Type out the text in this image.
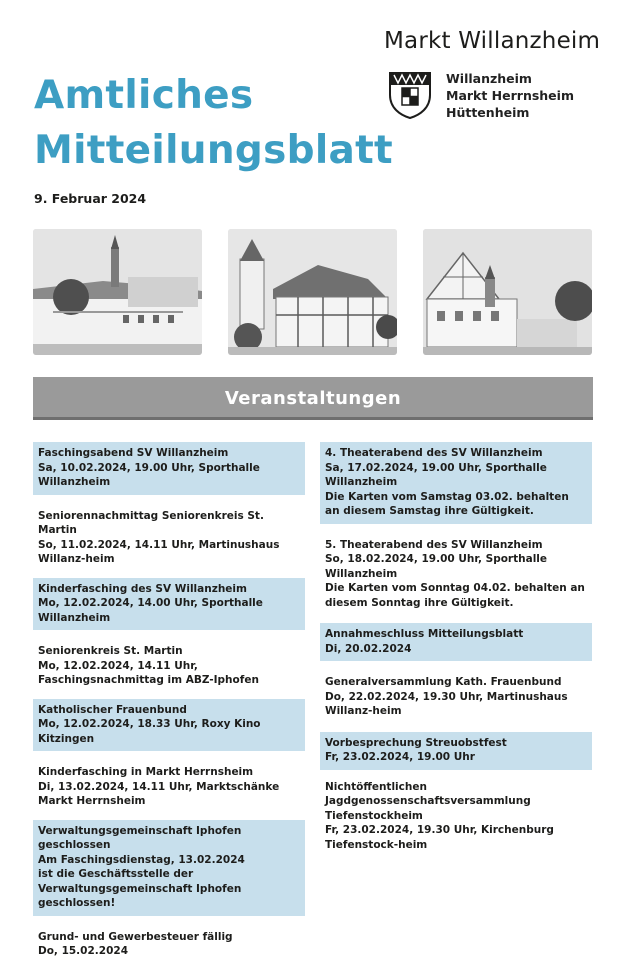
Markt Willanzheim
Willanzheim
Markt Herrnsheim
Hüttenheim
Amtliches
Mitteilungsblatt
9. Februar 2024
Veranstaltungen
Faschingsabend SV Willanzheim
Sa, 10.02.2024, 19.00 Uhr, Sporthalle Willanzheim
Seniorennachmittag Seniorenkreis St. Martin
So, 11.02.2024, 14.11 Uhr, Martinushaus Willanz-heim
Kinderfasching des SV Willanzheim
Mo, 12.02.2024, 14.00 Uhr, Sporthalle Willanzheim
Seniorenkreis St. Martin
Mo, 12.02.2024, 14.11 Uhr, Faschingsnachmittag im ABZ-Iphofen
Katholischer Frauenbund
Mo, 12.02.2024, 18.33 Uhr, Roxy Kino Kitzingen
Kinderfasching in Markt Herrnsheim
Di, 13.02.2024, 14.11 Uhr, Marktschänke Markt Herrnsheim
Verwaltungsgemeinschaft Iphofen geschlossen
Am Faschingsdienstag, 13.02.2024
ist die Geschäftsstelle der Verwaltungsgemeinschaft Iphofen geschlossen!
Grund- und Gewerbesteuer fällig
Do, 15.02.2024
4. Theaterabend des SV Willanzheim
Sa, 17.02.2024, 19.00 Uhr, Sporthalle Willanzheim
Die Karten vom Samstag 03.02. behalten an diesem Samstag ihre Gültigkeit.
5. Theaterabend des SV Willanzheim
So, 18.02.2024, 19.00 Uhr, Sporthalle Willanzheim
Die Karten vom Sonntag 04.02. behalten an diesem Sonntag ihre Gültigkeit.
Annahmeschluss Mitteilungsblatt
Di, 20.02.2024
Generalversammlung Kath. Frauenbund
Do, 22.02.2024, 19.30 Uhr, Martinushaus Willanz-heim
Vorbesprechung Streuobstfest
Fr, 23.02.2024, 19.00 Uhr
Nichtöffentlichen Jagdgenossenschaftsversammlung Tiefenstockheim
Fr, 23.02.2024, 19.30 Uhr, Kirchenburg Tiefenstock-heim
